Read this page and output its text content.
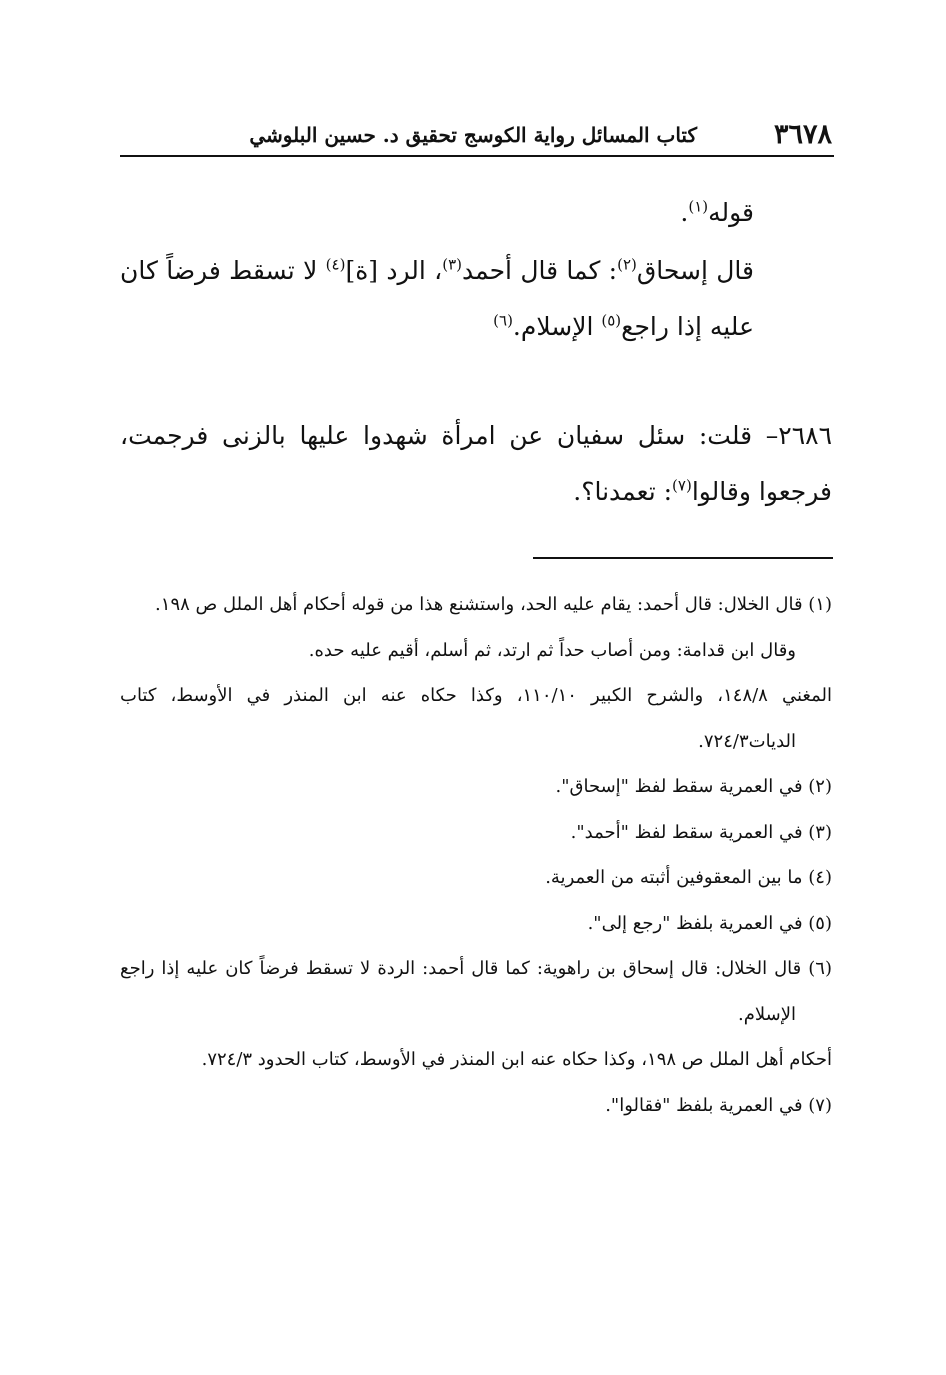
٣٦٧٨
كتاب المسائل رواية الكوسج تحقيق د. حسين البلوشي

قوله$^{(١)}$.

قال إسحاق$^{(٢)}$: كما قال أحمد$^{(٣)}$، الرد [ة]$^{(٤)}$ لا تسقط فرضاً كان عليه إذا راجع$^{(٥)}$ الإسلام.$^{(٦)}$

٢٦٨٦– قلت: سئل سفيان عن امرأة شهدوا عليها بالزنى فرجمت، فرجعوا وقالوا$^{(٧)}$: تعمدنا؟.

(١) قال الخلال: قال أحمد: يقام عليه الحد، واستشنع هذا من قوله أحكام أهل الملل ص ١٩٨.

وقال ابن قدامة: ومن أصاب حداً ثم ارتد، ثم أسلم، أقيم عليه حده.

المغني ١٤٨/٨، والشرح الكبير ١١٠/١٠، وكذا حكاه عنه ابن المنذر في الأوسط، كتاب الديات٧٢٤/٣.

(٢) في العمرية سقط لفظ "إسحاق".

(٣) في العمرية سقط لفظ "أحمد".

(٤) ما بين المعقوفين أثبته من العمرية.

(٥) في العمرية بلفظ "رجع إلى".

(٦) قال الخلال: قال إسحاق بن راهوية: كما قال أحمد: الردة لا تسقط فرضاً كان عليه إذا راجع الإسلام.

أحكام أهل الملل ص ١٩٨، وكذا حكاه عنه ابن المنذر في الأوسط، كتاب الحدود ٧٢٤/٣.

(٧) في العمرية بلفظ "فقالوا".
